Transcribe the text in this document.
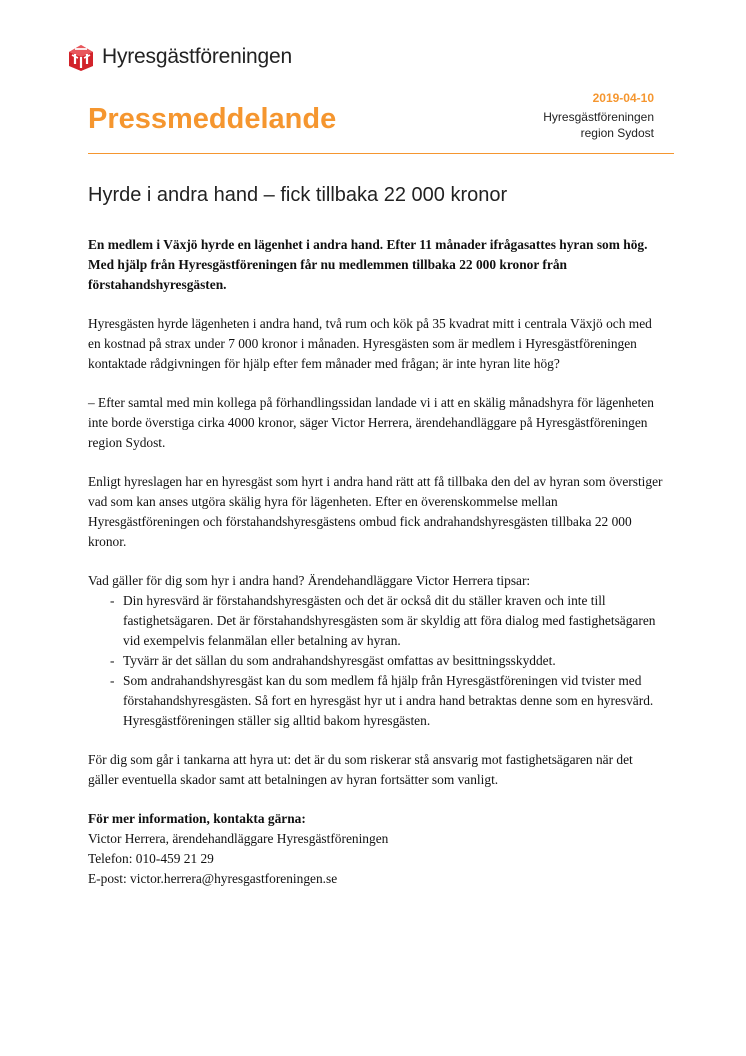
Hyresgästföreningen
Pressmeddelande
2019-04-10
Hyresgästföreningen
region Sydost
Hyrde i andra hand – fick tillbaka 22 000 kronor

En medlem i Växjö hyrde en lägenhet i andra hand. Efter 11 månader ifrågasattes hyran som hög. Med hjälp från Hyresgästföreningen får nu medlemmen tillbaka 22 000 kronor från förstahandshyresgästen.

Hyresgästen hyrde lägenheten i andra hand, två rum och kök på 35 kvadrat mitt i centrala Växjö och med en kostnad på strax under 7 000 kronor i månaden. Hyresgästen som är medlem i Hyresgästföreningen kontaktade rådgivningen för hjälp efter fem månader med frågan; är inte hyran lite hög?

– Efter samtal med min kollega på förhandlingssidan landade vi i att en skälig månadshyra för lägenheten inte borde överstiga cirka 4000 kronor, säger Victor Herrera, ärendehandläggare på Hyresgästföreningen region Sydost.

Enligt hyreslagen har en hyresgäst som hyrt i andra hand rätt att få tillbaka den del av hyran som överstiger vad som kan anses utgöra skälig hyra för lägenheten. Efter en överenskommelse mellan Hyresgästföreningen och förstahandshyresgästens ombud fick andrahandshyresgästen tillbaka 22 000 kronor.

Vad gäller för dig som hyr i andra hand? Ärendehandläggare Victor Herrera tipsar:

- Din hyresvärd är förstahandshyresgästen och det är också dit du ställer kraven och inte till fastighetsägaren. Det är förstahandshyresgästen som är skyldig att föra dialog med fastighetsägaren vid exempelvis felanmälan eller betalning av hyran.
- Tyvärr är det sällan du som andrahandshyresgäst omfattas av besittningsskyddet.
- Som andrahandshyresgäst kan du som medlem få hjälp från Hyresgästföreningen vid tvister med förstahandshyresgästen. Så fort en hyresgäst hyr ut i andra hand betraktas denne som en hyresvärd. Hyresgästföreningen ställer sig alltid bakom hyresgästen.

För dig som går i tankarna att hyra ut: det är du som riskerar stå ansvarig mot fastighetsägaren när det gäller eventuella skador samt att betalningen av hyran fortsätter som vanligt.

För mer information, kontakta gärna:

Victor Herrera, ärendehandläggare Hyresgästföreningen

Telefon: 010-459 21 29

E-post: victor.herrera@hyresgastforeningen.se
